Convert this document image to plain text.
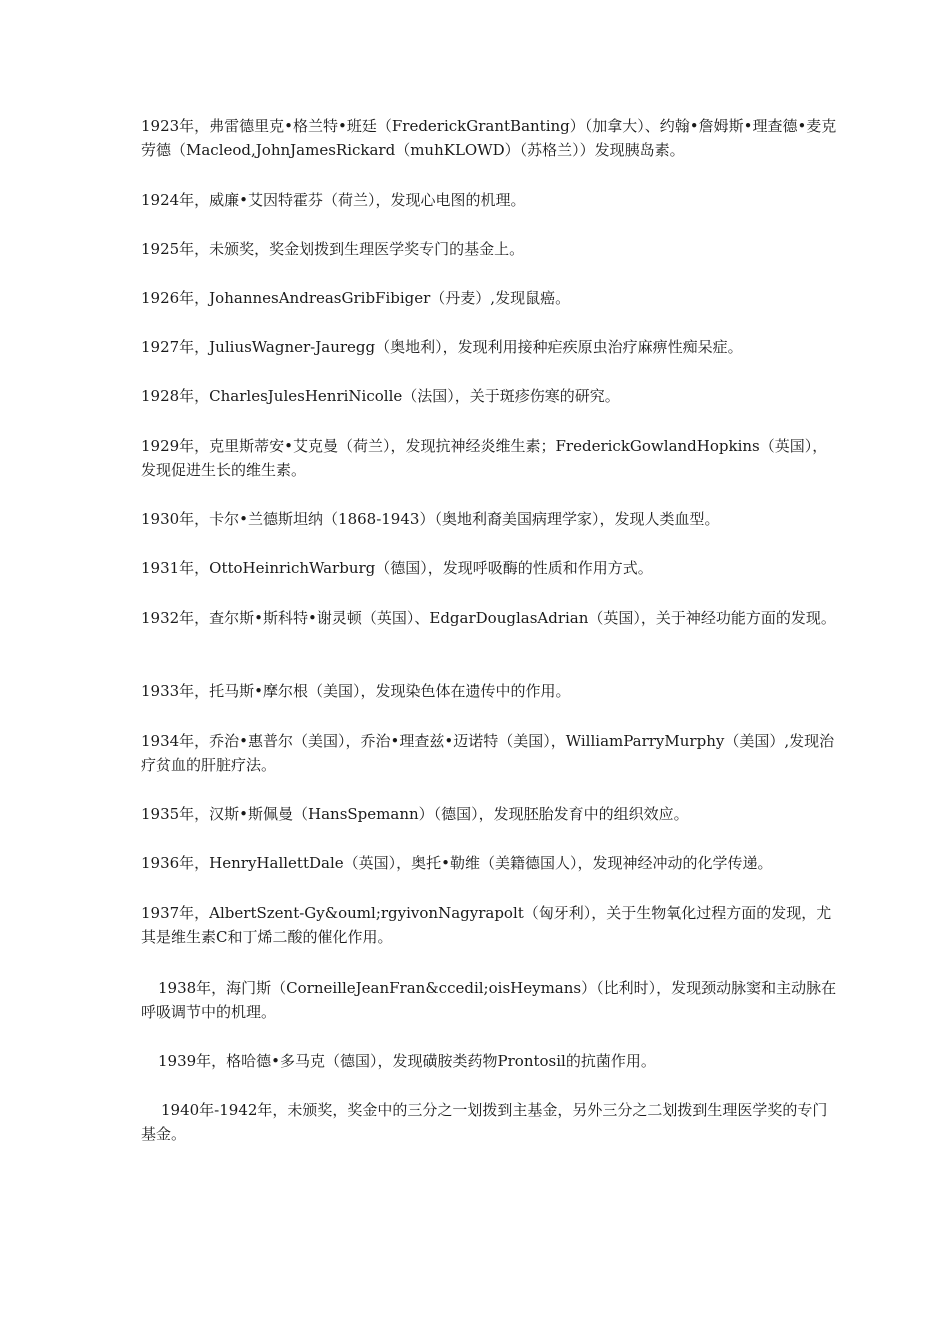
1923年，弗雷德里克•格兰特•班廷（FrederickGrantBanting）（加拿大）、约翰•詹姆斯•理查德•麦克劳德（Macleod,JohnJamesRickard（muhKLOWD）（苏格兰））发现胰岛素。

1924年，威廉•艾因特霍芬（荷兰），发现心电图的机理。

1925年，未颁奖，奖金划拨到生理医学奖专门的基金上。

1926年，JohannesAndreasGribFibiger（丹麦）,发现鼠癌。

1927年，JuliusWagner-Jauregg（奥地利），发现利用接种疟疾原虫治疗麻痹性痴呆症。

1928年，CharlesJulesHenriNicolle（法国），关于斑疹伤寒的研究。

1929年，克里斯蒂安•艾克曼（荷兰），发现抗神经炎维生素；FrederickGowlandHopkins（英国），发现促进生长的维生素。

1930年，卡尔•兰德斯坦纳（1868-1943）（奥地利裔美国病理学家），发现人类血型。

1931年，OttoHeinrichWarburg（德国），发现呼吸酶的性质和作用方式。

1932年，查尔斯•斯科特•谢灵顿（英国）、EdgarDouglasAdrian（英国），关于神经功能方面的发现。

1933年，托马斯•摩尔根（美国），发现染色体在遗传中的作用。

1934年，乔治•惠普尔（美国），乔治•理查兹•迈诺特（美国），WilliamParryMurphy（美国）,发现治疗贫血的肝脏疗法。

1935年，汉斯•斯佩曼（HansSpemann）（德国），发现胚胎发育中的组织效应。

1936年，HenryHallettDale（英国），奥托•勒维（美籍德国人），发现神经冲动的化学传递。

1937年，AlbertSzent-Gy&ouml;rgyivonNagyrapolt（匈牙利），关于生物氧化过程方面的发现，尤其是维生素C和丁烯二酸的催化作用。

1938年，海门斯（CorneilleJeanFran&ccedil;oisHeymans）（比利时），发现颈动脉窦和主动脉在呼吸调节中的机理。

1939年，格哈德•多马克（德国），发现磺胺类药物Prontosil的抗菌作用。

1940年-1942年，未颁奖，奖金中的三分之一划拨到主基金，另外三分之二划拨到生理医学奖的专门基金。
